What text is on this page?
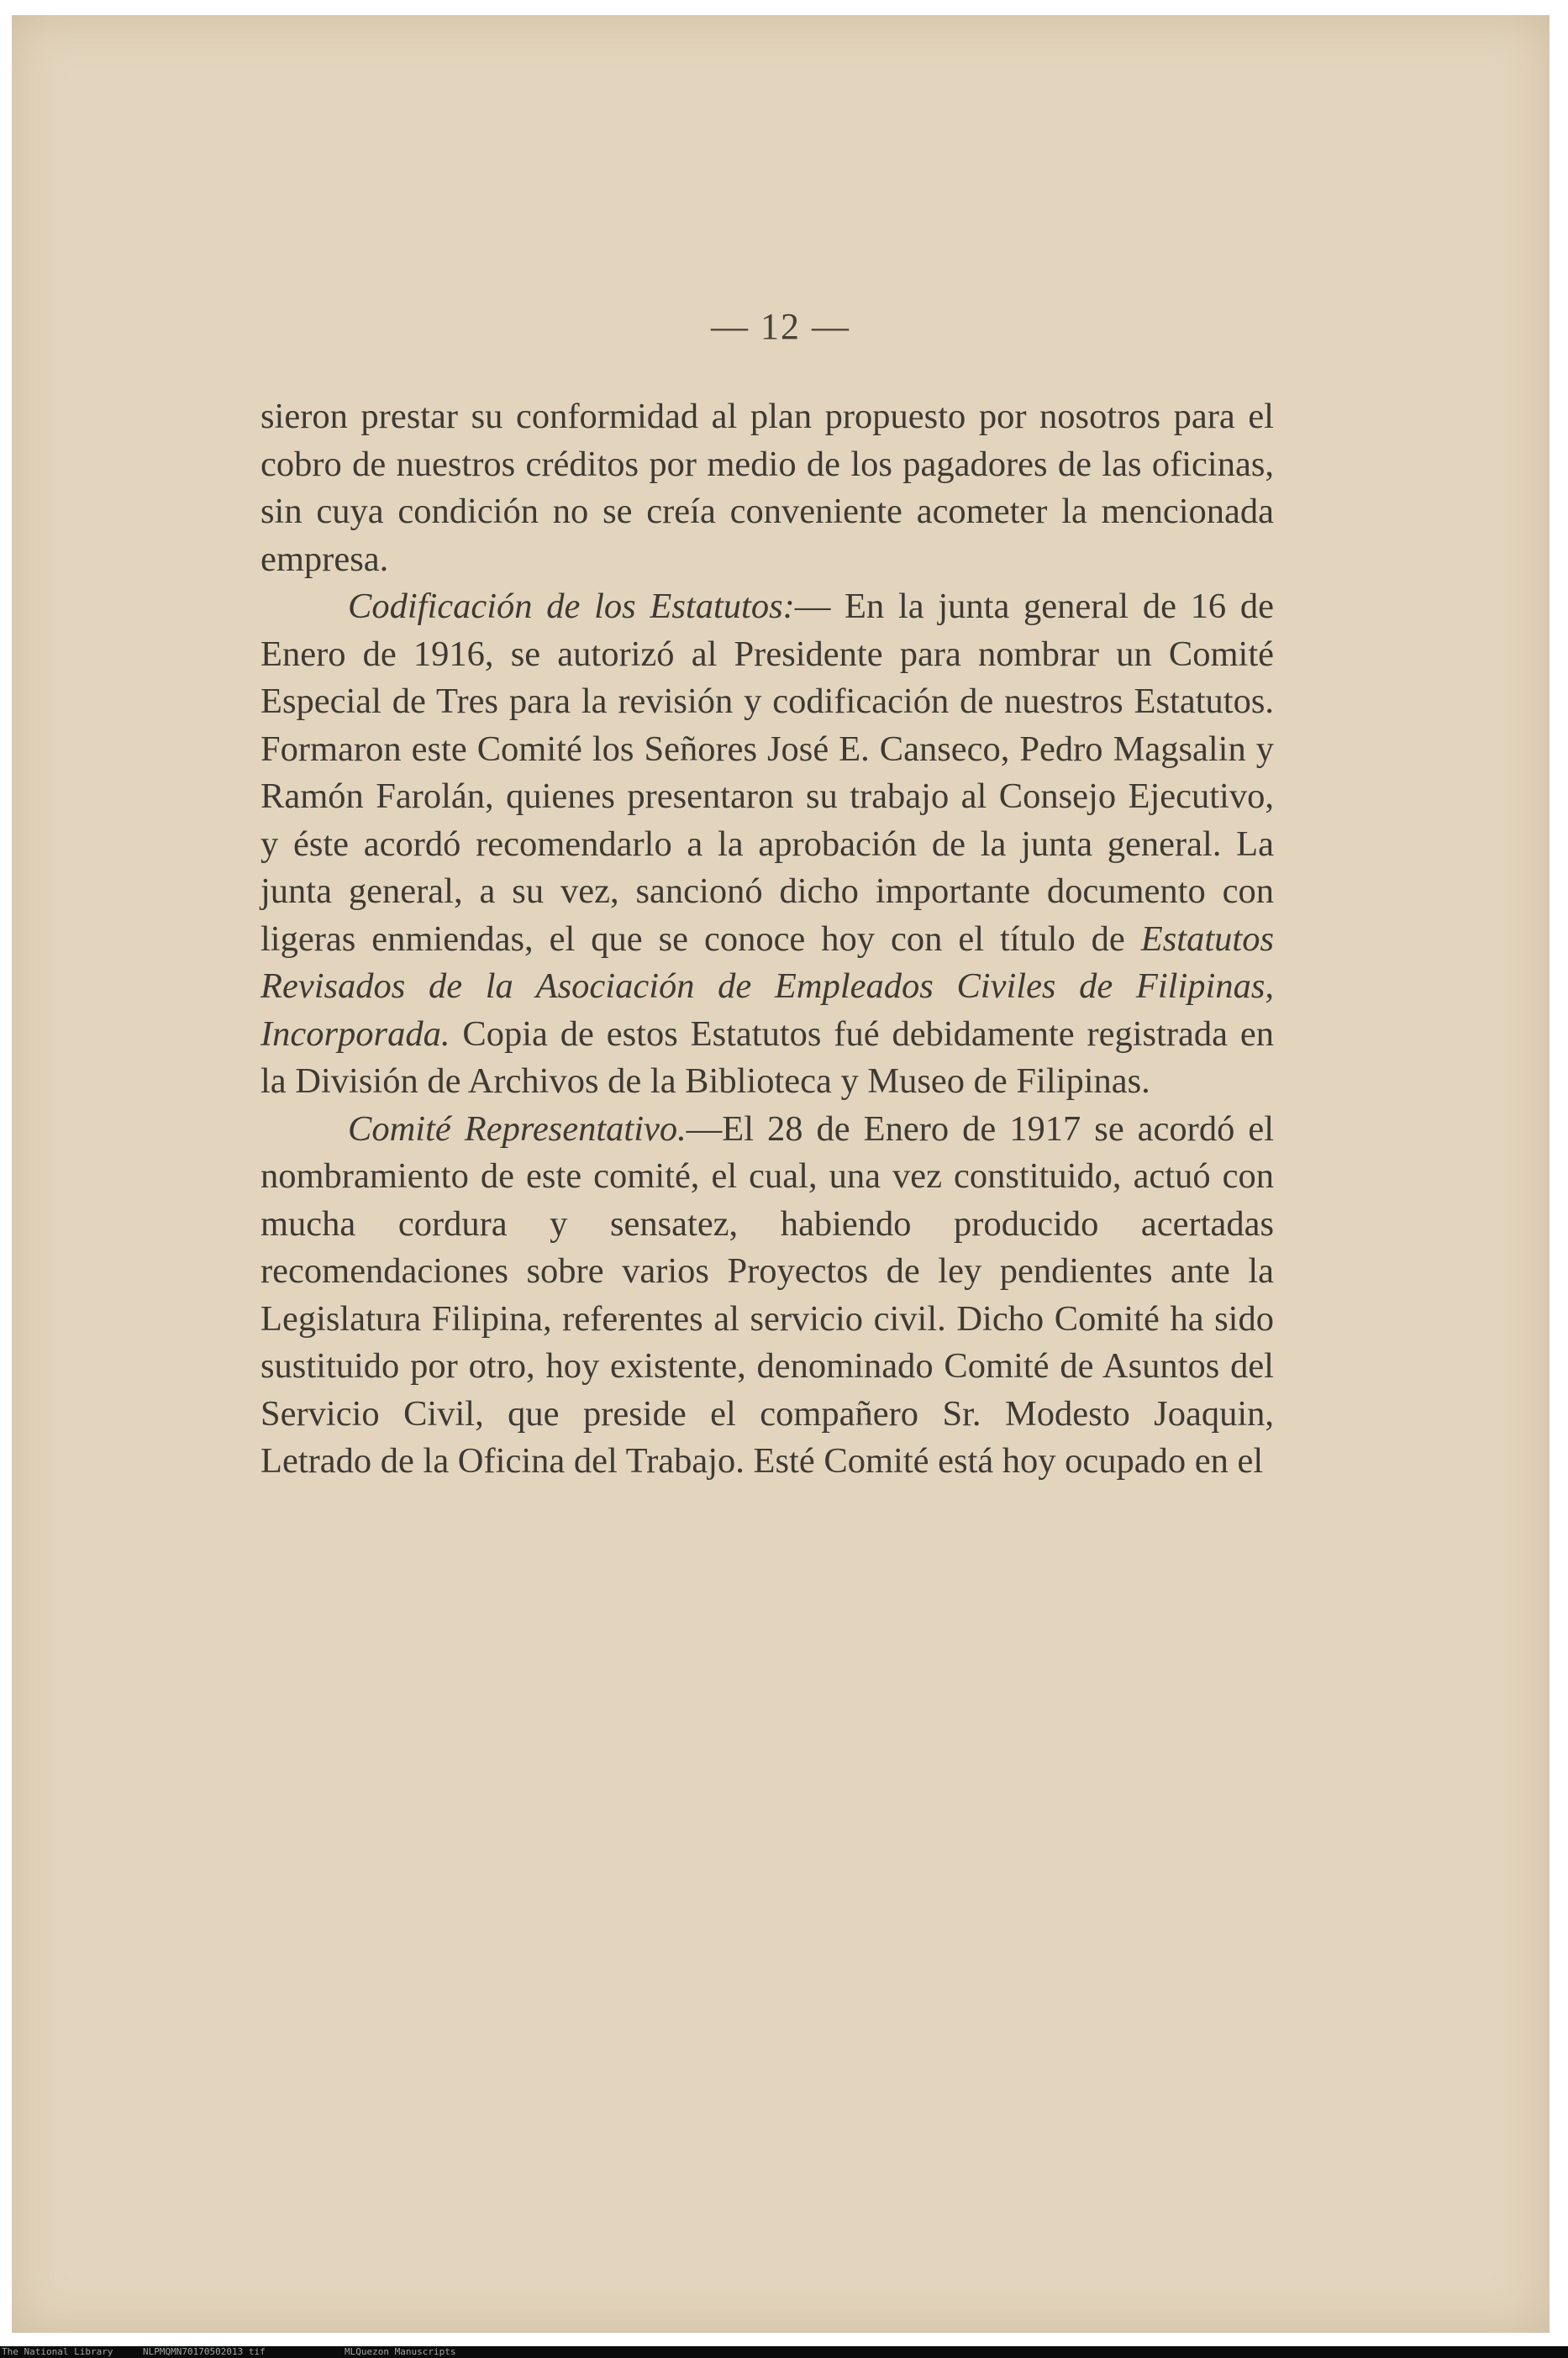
— 12 —

sieron prestar su conformidad al plan propuesto por nosotros para el cobro de nuestros créditos por medio de los pagadores de las oficinas, sin cuya condición no se creía conveniente acometer la mencionada empresa.

Codificación de los Estatutos:— En la junta general de 16 de Enero de 1916, se autorizó al Presidente para nombrar un Comité Especial de Tres para la revisión y codificación de nuestros Estatutos. Formaron este Comité los Señores José E. Canseco, Pedro Magsalin y Ramón Farolán, quienes presentaron su trabajo al Consejo Ejecutivo, y éste acordó recomendarlo a la aprobación de la junta general. La junta general, a su vez, sancionó dicho importante documento con ligeras enmiendas, el que se conoce hoy con el título de Estatutos Revisados de la Asociación de Empleados Civiles de Filipinas, Incorporada. Copia de estos Estatutos fué debidamente registrada en la División de Archivos de la Biblioteca y Museo de Filipinas.

Comité Representativo.—El 28 de Enero de 1917 se acordó el nombramiento de este comité, el cual, una vez constituido, actuó con mucha cordura y sensatez, habiendo producido acertadas recomendaciones sobre varios Proyectos de ley pendientes ante la Legislatura Filipina, referentes al servicio civil. Dicho Comité ha sido sustituido por otro, hoy existente, denominado Comité de Asuntos del Servicio Civil, que preside el compañero Sr. Modesto Joaquin, Letrado de la Oficina del Trabajo. Esté Comité está hoy ocupado en el

The National Library	NLPMQMN70170502013 tif	MLQuezon Manuscripts
